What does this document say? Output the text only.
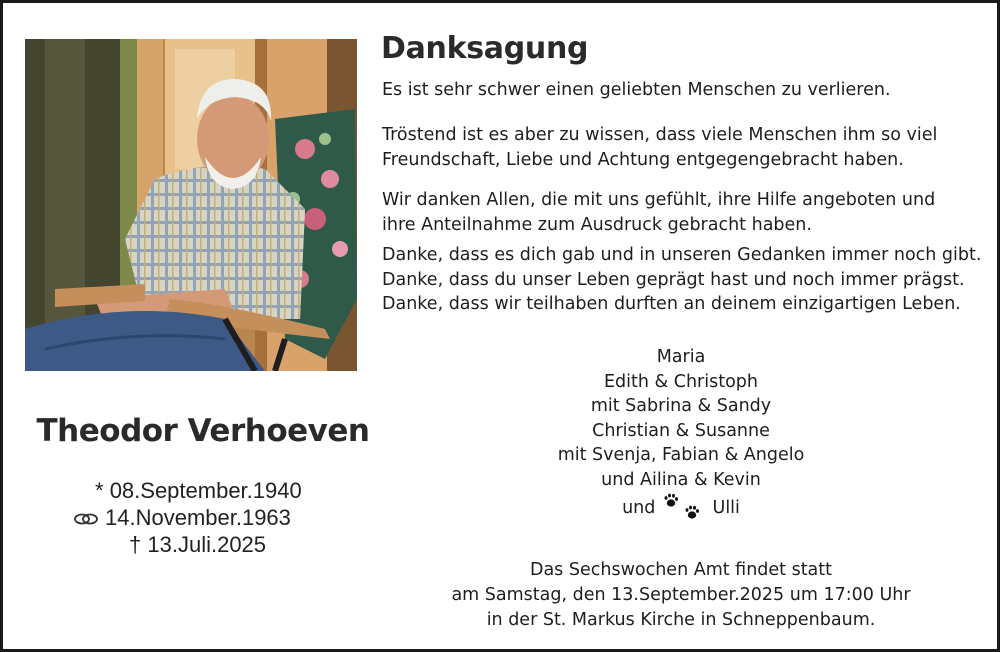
Theodor Verhoeven
* 08.September.1940
14.November.1963
† 13.Juli.2025
Danksagung
Es ist sehr schwer einen geliebten Menschen zu verlieren.
Tröstend ist es aber zu wissen, dass viele Menschen ihm so viel Freundschaft, Liebe und Achtung entgegengebracht haben.
Wir danken Allen, die mit uns gefühlt, ihre Hilfe angeboten und ihre Anteilnahme zum Ausdruck gebracht haben.
Danke, dass es dich gab und in unseren Gedanken immer noch gibt. Danke, dass du unser Leben geprägt hast und noch immer prägst. Danke, dass wir teilhaben durften an deinem einzigartigen Leben.
Maria
Edith & Christoph
mit Sabrina & Sandy
Christian & Susanne
mit Svenja, Fabian & Angelo
und Ailina & Kevin
und	Ulli
Das Sechswochen Amt findet statt
am Samstag, den 13.September.2025 um 17:00 Uhr
in der St. Markus Kirche in Schneppenbaum.
